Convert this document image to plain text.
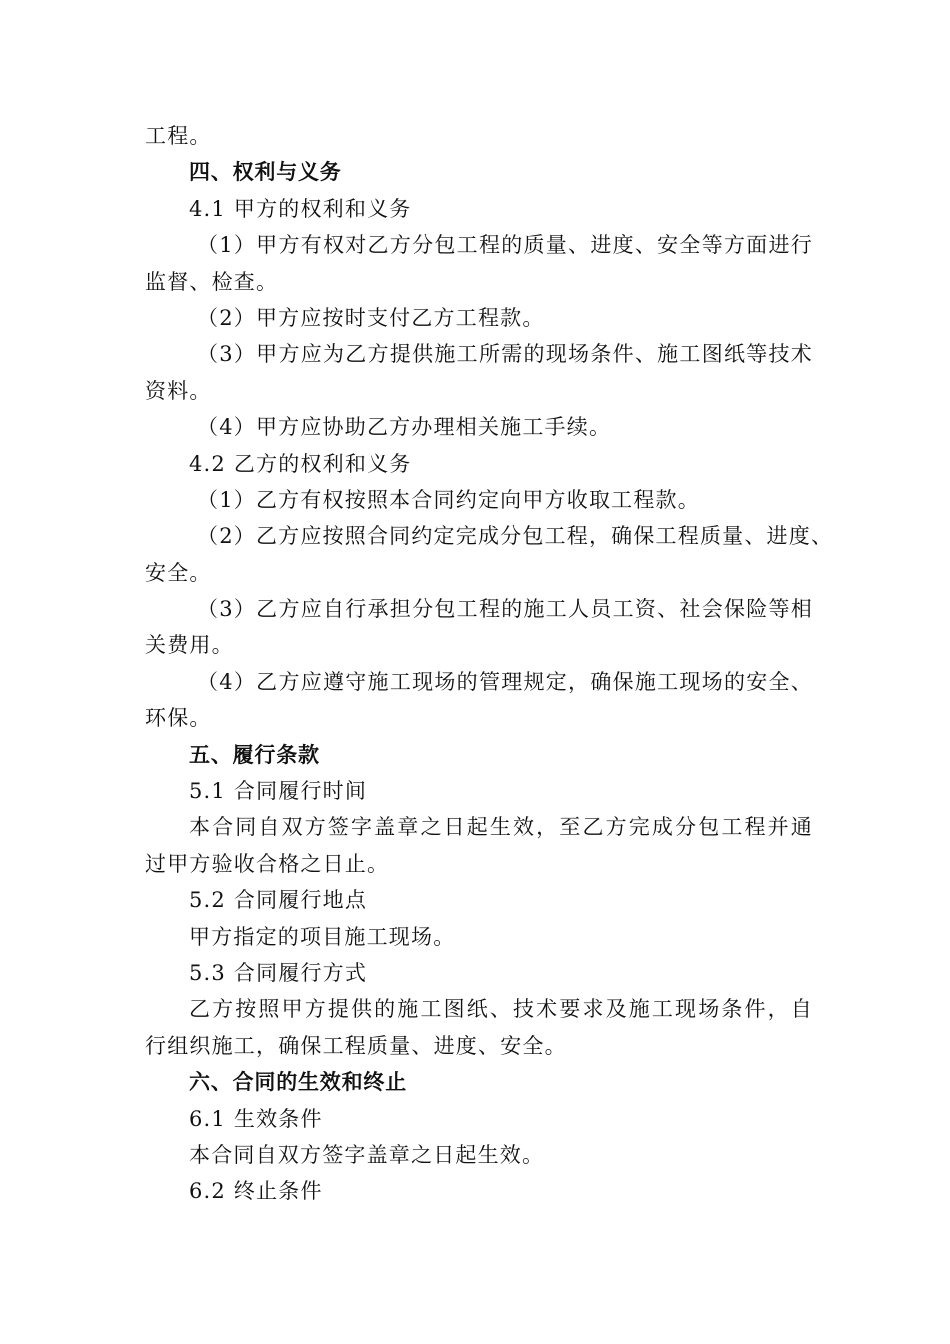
工程。
四、权利与义务
4.1 甲方的权利和义务
（1）甲方有权对乙方分包工程的质量、进度、安全等方面进行
监督、检查。
（2）甲方应按时支付乙方工程款。
（3）甲方应为乙方提供施工所需的现场条件、施工图纸等技术
资料。
（4）甲方应协助乙方办理相关施工手续。
4.2 乙方的权利和义务
（1）乙方有权按照本合同约定向甲方收取工程款。
（2）乙方应按照合同约定完成分包工程，确保工程质量、进度、
安全。
（3）乙方应自行承担分包工程的施工人员工资、社会保险等相
关费用。
（4）乙方应遵守施工现场的管理规定，确保施工现场的安全、
环保。
五、履行条款
5.1 合同履行时间
本合同自双方签字盖章之日起生效，至乙方完成分包工程并通
过甲方验收合格之日止。
5.2 合同履行地点
甲方指定的项目施工现场。
5.3 合同履行方式
乙方按照甲方提供的施工图纸、技术要求及施工现场条件，自
行组织施工，确保工程质量、进度、安全。
六、合同的生效和终止
6.1 生效条件
本合同自双方签字盖章之日起生效。
6.2 终止条件
